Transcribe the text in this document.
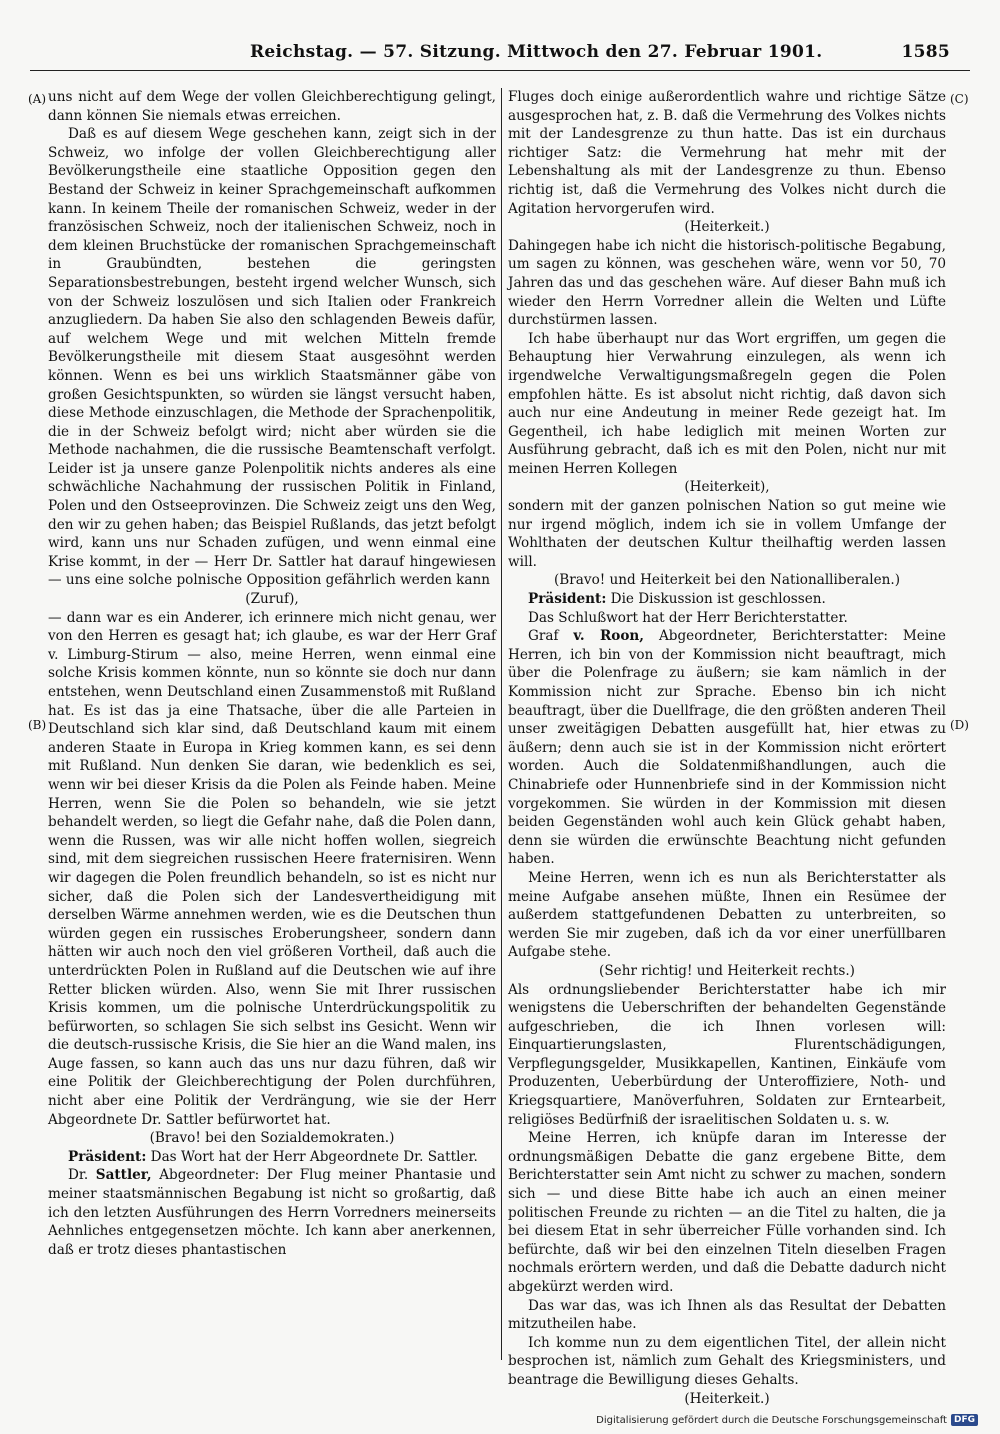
Reichstag. — 57. Sitzung. Mittwoch den 27. Februar 1901.	1585
(A)
(B)
(C)
(D)

uns nicht auf dem Wege der vollen Gleichberechtigung gelingt, dann können Sie niemals etwas erreichen.

Daß es auf diesem Wege geschehen kann, zeigt sich in der Schweiz, wo infolge der vollen Gleichberechtigung aller Bevölkerungstheile eine staatliche Opposition gegen den Bestand der Schweiz in keiner Sprachgemeinschaft aufkommen kann. In keinem Theile der romanischen Schweiz, weder in der französischen Schweiz, noch der italienischen Schweiz, noch in dem kleinen Bruchstücke der romanischen Sprachgemeinschaft in Graubündten, bestehen die geringsten Separationsbestrebungen, besteht irgend welcher Wunsch, sich von der Schweiz loszulösen und sich Italien oder Frankreich anzugliedern. Da haben Sie also den schlagenden Beweis dafür, auf welchem Wege und mit welchen Mitteln fremde Bevölkerungstheile mit diesem Staat ausgesöhnt werden können. Wenn es bei uns wirklich Staatsmänner gäbe von großen Gesichtspunkten, so würden sie längst versucht haben, diese Methode einzuschlagen, die Methode der Sprachenpolitik, die in der Schweiz befolgt wird; nicht aber würden sie die Methode nachahmen, die die russische Beamtenschaft verfolgt. Leider ist ja unsere ganze Polenpolitik nichts anderes als eine schwächliche Nachahmung der russischen Politik in Finland, Polen und den Ostseeprovinzen. Die Schweiz zeigt uns den Weg, den wir zu gehen haben; das Beispiel Rußlands, das jetzt befolgt wird, kann uns nur Schaden zufügen, und wenn einmal eine Krise kommt, in der — Herr Dr. Sattler hat darauf hingewiesen — uns eine solche polnische Opposition gefährlich werden kann

(Zuruf),

— dann war es ein Anderer, ich erinnere mich nicht genau, wer von den Herren es gesagt hat; ich glaube, es war der Herr Graf v. Limburg-Stirum — also, meine Herren, wenn einmal eine solche Krisis kommen könnte, nun so könnte sie doch nur dann entstehen, wenn Deutschland einen Zusammenstoß mit Rußland hat. Es ist das ja eine Thatsache, über die alle Parteien in Deutschland sich klar sind, daß Deutschland kaum mit einem anderen Staate in Europa in Krieg kommen kann, es sei denn mit Rußland. Nun denken Sie daran, wie bedenklich es sei, wenn wir bei dieser Krisis da die Polen als Feinde haben. Meine Herren, wenn Sie die Polen so behandeln, wie sie jetzt behandelt werden, so liegt die Gefahr nahe, daß die Polen dann, wenn die Russen, was wir alle nicht hoffen wollen, siegreich sind, mit dem siegreichen russischen Heere fraternisiren. Wenn wir dagegen die Polen freundlich behandeln, so ist es nicht nur sicher, daß die Polen sich der Landesvertheidigung mit derselben Wärme annehmen werden, wie es die Deutschen thun würden gegen ein russisches Eroberungsheer, sondern dann hätten wir auch noch den viel größeren Vortheil, daß auch die unterdrückten Polen in Rußland auf die Deutschen wie auf ihre Retter blicken würden. Also, wenn Sie mit Ihrer russischen Krisis kommen, um die polnische Unterdrückungspolitik zu befürworten, so schlagen Sie sich selbst ins Gesicht. Wenn wir die deutsch-russische Krisis, die Sie hier an die Wand malen, ins Auge fassen, so kann auch das uns nur dazu führen, daß wir eine Politik der Gleichberechtigung der Polen durchführen, nicht aber eine Politik der Verdrängung, wie sie der Herr Abgeordnete Dr. Sattler befürwortet hat.

(Bravo! bei den Sozialdemokraten.)

Präsident: Das Wort hat der Herr Abgeordnete Dr. Sattler.

Dr. Sattler, Abgeordneter: Der Flug meiner Phantasie und meiner staatsmännischen Begabung ist nicht so großartig, daß ich den letzten Ausführungen des Herrn Vorredners meinerseits Aehnliches entgegensetzen möchte. Ich kann aber anerkennen, daß er trotz dieses phantastischen

Fluges doch einige außerordentlich wahre und richtige Sätze ausgesprochen hat, z. B. daß die Vermehrung des Volkes nichts mit der Landesgrenze zu thun hatte. Das ist ein durchaus richtiger Satz: die Vermehrung hat mehr mit der Lebenshaltung als mit der Landesgrenze zu thun. Ebenso richtig ist, daß die Vermehrung des Volkes nicht durch die Agitation hervorgerufen wird.

(Heiterkeit.)

Dahingegen habe ich nicht die historisch-politische Begabung, um sagen zu können, was geschehen wäre, wenn vor 50, 70 Jahren das und das geschehen wäre. Auf dieser Bahn muß ich wieder den Herrn Vorredner allein die Welten und Lüfte durchstürmen lassen.

Ich habe überhaupt nur das Wort ergriffen, um gegen die Behauptung hier Verwahrung einzulegen, als wenn ich irgendwelche Verwaltigungsmaßregeln gegen die Polen empfohlen hätte. Es ist absolut nicht richtig, daß davon sich auch nur eine Andeutung in meiner Rede gezeigt hat. Im Gegentheil, ich habe lediglich mit meinen Worten zur Ausführung gebracht, daß ich es mit den Polen, nicht nur mit meinen Herren Kollegen

(Heiterkeit),

sondern mit der ganzen polnischen Nation so gut meine wie nur irgend möglich, indem ich sie in vollem Umfange der Wohlthaten der deutschen Kultur theilhaftig werden lassen will.

(Bravo! und Heiterkeit bei den Nationalliberalen.)

Präsident: Die Diskussion ist geschlossen.

Das Schlußwort hat der Herr Berichterstatter.

Graf v. Roon, Abgeordneter, Berichterstatter: Meine Herren, ich bin von der Kommission nicht beauftragt, mich über die Polenfrage zu äußern; sie kam nämlich in der Kommission nicht zur Sprache. Ebenso bin ich nicht beauftragt, über die Duellfrage, die den größten anderen Theil unser zweitägigen Debatten ausgefüllt hat, hier etwas zu äußern; denn auch sie ist in der Kommission nicht erörtert worden. Auch die Soldatenmißhandlungen, auch die Chinabriefe oder Hunnenbriefe sind in der Kommission nicht vorgekommen. Sie würden in der Kommission mit diesen beiden Gegenständen wohl auch kein Glück gehabt haben, denn sie würden die erwünschte Beachtung nicht gefunden haben.

Meine Herren, wenn ich es nun als Berichterstatter als meine Aufgabe ansehen müßte, Ihnen ein Resümee der außerdem stattgefundenen Debatten zu unterbreiten, so werden Sie mir zugeben, daß ich da vor einer unerfüllbaren Aufgabe stehe.

(Sehr richtig! und Heiterkeit rechts.)

Als ordnungsliebender Berichterstatter habe ich mir wenigstens die Ueberschriften der behandelten Gegenstände aufgeschrieben, die ich Ihnen vorlesen will: Einquartierungslasten, Flurentschädigungen, Verpflegungsgelder, Musikkapellen, Kantinen, Einkäufe vom Produzenten, Ueberbürdung der Unteroffiziere, Noth- und Kriegsquartiere, Manöverfuhren, Soldaten zur Erntearbeit, religiöses Bedürfniß der israelitischen Soldaten u. s. w.

Meine Herren, ich knüpfe daran im Interesse der ordnungsmäßigen Debatte die ganz ergebene Bitte, dem Berichterstatter sein Amt nicht zu schwer zu machen, sondern sich — und diese Bitte habe ich auch an einen meiner politischen Freunde zu richten — an die Titel zu halten, die ja bei diesem Etat in sehr überreicher Fülle vorhanden sind. Ich befürchte, daß wir bei den einzelnen Titeln dieselben Fragen nochmals erörtern werden, und daß die Debatte dadurch nicht abgekürzt werden wird.

Das war das, was ich Ihnen als das Resultat der Debatten mitzutheilen habe.

Ich komme nun zu dem eigentlichen Titel, der allein nicht besprochen ist, nämlich zum Gehalt des Kriegsministers, und beantrage die Bewilligung dieses Gehalts.

(Heiterkeit.)

Digitalisierung gefördert durch die Deutsche Forschungsgemeinschaft DFG
